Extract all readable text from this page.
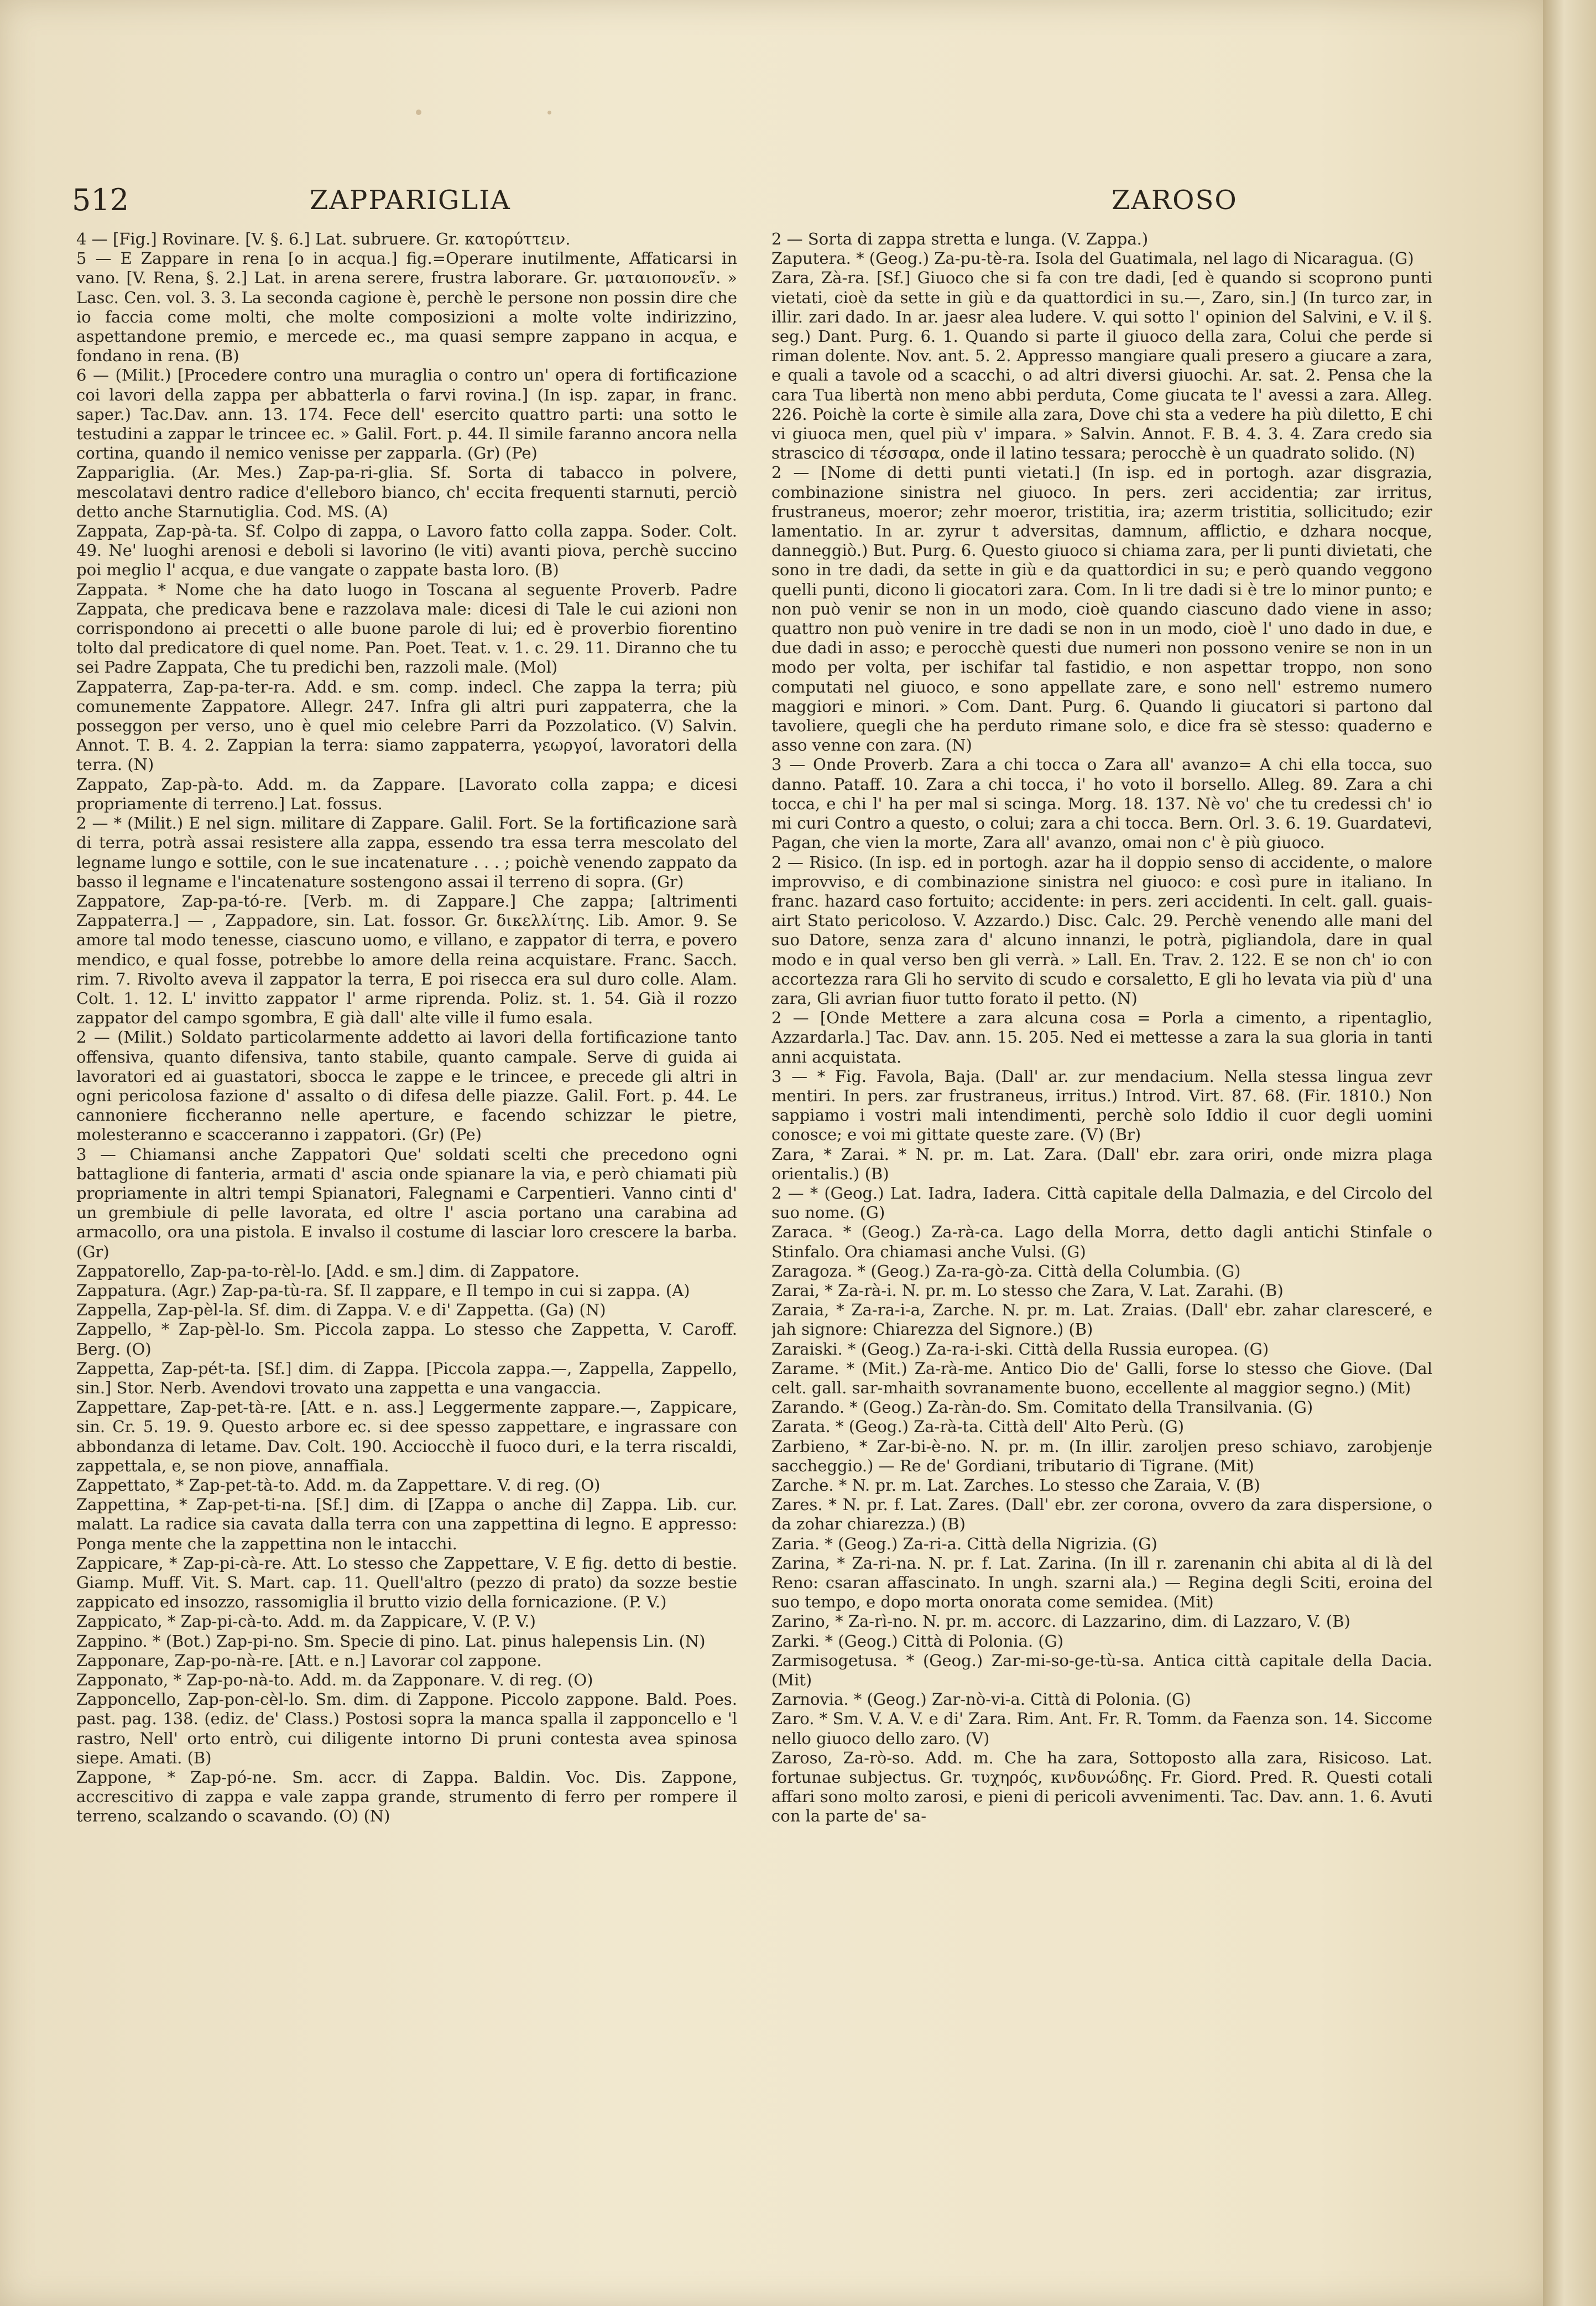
512	ZAPPARIGLIA	ZAROSO

4 — [Fig.] Rovinare. [V. §. 6.] Lat. subruere. Gr. κατορύττειν.

5 — E Zappare in rena [o in acqua.] fig.=Operare inutilmente, Affaticarsi in vano. [V. Rena, §. 2.] Lat. in arena serere, frustra laborare. Gr. ματαιοπονεῖν. » Lasc. Cen. vol. 3. 3. La seconda cagione è, perchè le persone non possin dire che io faccia come molti, che molte composizioni a molte volte indirizzino, aspettandone premio, e mercede ec., ma quasi sempre zappano in acqua, e fondano in rena. (B)

6 — (Milit.) [Procedere contro una muraglia o contro un' opera di fortificazione coi lavori della zappa per abbatterla o farvi rovina.] (In isp. zapar, in franc. saper.) Tac.Dav. ann. 13. 174. Fece dell' esercito quattro parti: una sotto le testudini a zappar le trincee ec. » Galil. Fort. p. 44. Il simile faranno ancora nella cortina, quando il nemico venisse per zapparla. (Gr) (Pe)

Zappariglia. (Ar. Mes.) Zap-pa-ri-glia. Sf. Sorta di tabacco in polvere, mescolatavi dentro radice d'elleboro bianco, ch' eccita frequenti starnuti, perciò detto anche Starnutiglia. Cod. MS. (A)

Zappata, Zap-pà-ta. Sf. Colpo di zappa, o Lavoro fatto colla zappa. Soder. Colt. 49. Ne' luoghi arenosi e deboli si lavorino (le viti) avanti piova, perchè succino poi meglio l' acqua, e due vangate o zappate basta loro. (B)

Zappata. * Nome che ha dato luogo in Toscana al seguente Proverb. Padre Zappata, che predicava bene e razzolava male: dicesi di Tale le cui azioni non corrispondono ai precetti o alle buone parole di lui; ed è proverbio fiorentino tolto dal predicatore di quel nome. Pan. Poet. Teat. v. 1. c. 29. 11. Diranno che tu sei Padre Zappata, Che tu predichi ben, razzoli male. (Mol)

Zappaterra, Zap-pa-ter-ra. Add. e sm. comp. indecl. Che zappa la terra; più comunemente Zappatore. Allegr. 247. Infra gli altri puri zappaterra, che la posseggon per verso, uno è quel mio celebre Parri da Pozzolatico. (V) Salvin. Annot. T. B. 4. 2. Zappian la terra: siamo zappaterra, γεωργοί, lavoratori della terra. (N)

Zappato, Zap-pà-to. Add. m. da Zappare. [Lavorato colla zappa; e dicesi propriamente di terreno.] Lat. fossus.

2 — * (Milit.) E nel sign. militare di Zappare. Galil. Fort. Se la fortificazione sarà di terra, potrà assai resistere alla zappa, essendo tra essa terra mescolato del legname lungo e sottile, con le sue incatenature . . . ; poichè venendo zappato da basso il legname e l'incatenature sostengono assai il terreno di sopra. (Gr)

Zappatore, Zap-pa-tó-re. [Verb. m. di Zappare.] Che zappa; [altrimenti Zappaterra.] — , Zappadore, sin. Lat. fossor. Gr. δικελλίτης. Lib. Amor. 9. Se amore tal modo tenesse, ciascuno uomo, e villano, e zappator di terra, e povero mendico, e qual fosse, potrebbe lo amore della reina acquistare. Franc. Sacch. rim. 7. Rivolto aveva il zappator la terra, E poi risecca era sul duro colle. Alam. Colt. 1. 12. L' invitto zappator l' arme riprenda. Poliz. st. 1. 54. Già il rozzo zappator del campo sgombra, E già dall' alte ville il fumo esala.

2 — (Milit.) Soldato particolarmente addetto ai lavori della fortificazione tanto offensiva, quanto difensiva, tanto stabile, quanto campale. Serve di guida ai lavoratori ed ai guastatori, sbocca le zappe e le trincee, e precede gli altri in ogni pericolosa fazione d' assalto o di difesa delle piazze. Galil. Fort. p. 44. Le cannoniere ficcheranno nelle aperture, e facendo schizzar le pietre, molesteranno e scacceranno i zappatori. (Gr) (Pe)

3 — Chiamansi anche Zappatori Que' soldati scelti che precedono ogni battaglione di fanteria, armati d' ascia onde spianare la via, e però chiamati più propriamente in altri tempi Spianatori, Falegnami e Carpentieri. Vanno cinti d' un grembiule di pelle lavorata, ed oltre l' ascia portano una carabina ad armacollo, ora una pistola. E invalso il costume di lasciar loro crescere la barba. (Gr)

Zappatorello, Zap-pa-to-rèl-lo. [Add. e sm.] dim. di Zappatore.

Zappatura. (Agr.) Zap-pa-tù-ra. Sf. Il zappare, e Il tempo in cui si zappa. (A)

Zappella, Zap-pèl-la. Sf. dim. di Zappa. V. e di' Zappetta. (Ga) (N)

Zappello, * Zap-pèl-lo. Sm. Piccola zappa. Lo stesso che Zappetta, V. Caroff. Berg. (O)

Zappetta, Zap-pét-ta. [Sf.] dim. di Zappa. [Piccola zappa.—, Zappella, Zappello, sin.] Stor. Nerb. Avendovi trovato una zappetta e una vangaccia.

Zappettare, Zap-pet-tà-re. [Att. e n. ass.] Leggermente zappare.—, Zappicare, sin. Cr. 5. 19. 9. Questo arbore ec. si dee spesso zappettare, e ingrassare con abbondanza di letame. Dav. Colt. 190. Acciocchè il fuoco duri, e la terra riscaldi, zappettala, e, se non piove, annaffiala.

Zappettato, * Zap-pet-tà-to. Add. m. da Zappettare. V. di reg. (O)

Zappettina, * Zap-pet-ti-na. [Sf.] dim. di [Zappa o anche di] Zappa. Lib. cur. malatt. La radice sia cavata dalla terra con una zappettina di legno. E appresso: Ponga mente che la zappettina non le intacchi.

Zappicare, * Zap-pi-cà-re. Att. Lo stesso che Zappettare, V. E fig. detto di bestie. Giamp. Muff. Vit. S. Mart. cap. 11. Quell'altro (pezzo di prato) da sozze bestie zappicato ed insozzo, rassomiglia il brutto vizio della fornicazione. (P. V.)

Zappicato, * Zap-pi-cà-to. Add. m. da Zappicare, V. (P. V.)

Zappino. * (Bot.) Zap-pi-no. Sm. Specie di pino. Lat. pinus halepensis Lin. (N)

Zapponare, Zap-po-nà-re. [Att. e n.] Lavorar col zappone.

Zapponato, * Zap-po-nà-to. Add. m. da Zapponare. V. di reg. (O)

Zapponcello, Zap-pon-cèl-lo. Sm. dim. di Zappone. Piccolo zappone. Bald. Poes. past. pag. 138. (ediz. de' Class.) Postosi sopra la manca spalla il zapponcello e 'l rastro, Nell' orto entrò, cui diligente intorno Di pruni contesta avea spinosa siepe. Amati. (B)

Zappone, * Zap-pó-ne. Sm. accr. di Zappa. Baldin. Voc. Dis. Zappone, accrescitivo di zappa e vale zappa grande, strumento di ferro per rompere il terreno, scalzando o scavando. (O) (N)

2 — Sorta di zappa stretta e lunga. (V. Zappa.)

Zaputera. * (Geog.) Za-pu-tè-ra. Isola del Guatimala, nel lago di Nicaragua. (G)

Zara, Zà-ra. [Sf.] Giuoco che si fa con tre dadi, [ed è quando si scoprono punti vietati, cioè da sette in giù e da quattordici in su.—, Zaro, sin.] (In turco zar, in illir. zari dado. In ar. jaesr alea ludere. V. qui sotto l' opinion del Salvini, e V. il §. seg.) Dant. Purg. 6. 1. Quando si parte il giuoco della zara, Colui che perde si riman dolente. Nov. ant. 5. 2. Appresso mangiare quali presero a giucare a zara, e quali a tavole od a scacchi, o ad altri diversi giuochi. Ar. sat. 2. Pensa che la cara Tua libertà non meno abbi perduta, Come giucata te l' avessi a zara. Alleg. 226. Poichè la corte è simile alla zara, Dove chi sta a vedere ha più diletto, E chi vi giuoca men, quel più v' impara. » Salvin. Annot. F. B. 4. 3. 4. Zara credo sia strascico di τέσσαρα, onde il latino tessara; perocchè è un quadrato solido. (N)

2 — [Nome di detti punti vietati.] (In isp. ed in portogh. azar disgrazia, combinazione sinistra nel giuoco. In pers. zeri accidentia; zar irritus, frustraneus, moeror; zehr moeror, tristitia, ira; azerm tristitia, sollicitudo; ezir lamentatio. In ar. zyrur t adversitas, damnum, afflictio, e dzhara nocque, danneggiò.) But. Purg. 6. Questo giuoco si chiama zara, per li punti divietati, che sono in tre dadi, da sette in giù e da quattordici in su; e però quando veggono quelli punti, dicono li giocatori zara. Com. In li tre dadi si è tre lo minor punto; e non può venir se non in un modo, cioè quando ciascuno dado viene in asso; quattro non può venire in tre dadi se non in un modo, cioè l' uno dado in due, e due dadi in asso; e perocchè questi due numeri non possono venire se non in un modo per volta, per ischifar tal fastidio, e non aspettar troppo, non sono computati nel giuoco, e sono appellate zare, e sono nell' estremo numero maggiori e minori. » Com. Dant. Purg. 6. Quando li giucatori si partono dal tavoliere, quegli che ha perduto rimane solo, e dice fra sè stesso: quaderno e asso venne con zara. (N)

3 — Onde Proverb. Zara a chi tocca o Zara all' avanzo= A chi ella tocca, suo danno. Pataff. 10. Zara a chi tocca, i' ho voto il borsello. Alleg. 89. Zara a chi tocca, e chi l' ha per mal si scinga. Morg. 18. 137. Nè vo' che tu credessi ch' io mi curi Contro a questo, o colui; zara a chi tocca. Bern. Orl. 3. 6. 19. Guardatevi, Pagan, che vien la morte, Zara all' avanzo, omai non c' è più giuoco.

2 — Risico. (In isp. ed in portogh. azar ha il doppio senso di accidente, o malore improvviso, e di combinazione sinistra nel giuoco: e così pure in italiano. In franc. hazard caso fortuito; accidente: in pers. zeri accidenti. In celt. gall. guais-airt Stato pericoloso. V. Azzardo.) Disc. Calc. 29. Perchè venendo alle mani del suo Datore, senza zara d' alcuno innanzi, le potrà, pigliandola, dare in qual modo e in qual verso ben gli verrà. » Lall. En. Trav. 2. 122. E se non ch' io con accortezza rara Gli ho servito di scudo e corsaletto, E gli ho levata via più d' una zara, Gli avrian fiuor tutto forato il petto. (N)

2 — [Onde Mettere a zara alcuna cosa = Porla a cimento, a ripentaglio, Azzardarla.] Tac. Dav. ann. 15. 205. Ned ei mettesse a zara la sua gloria in tanti anni acquistata.

3 — * Fig. Favola, Baja. (Dall' ar. zur mendacium. Nella stessa lingua zevr mentiri. In pers. zar frustraneus, irritus.) Introd. Virt. 87. 68. (Fir. 1810.) Non sappiamo i vostri mali intendimenti, perchè solo Iddio il cuor degli uomini conosce; e voi mi gittate queste zare. (V) (Br)

Zara, * Zarai. * N. pr. m. Lat. Zara. (Dall' ebr. zara oriri, onde mizra plaga orientalis.) (B)

2 — * (Geog.) Lat. Iadra, Iadera. Città capitale della Dalmazia, e del Circolo del suo nome. (G)

Zaraca. * (Geog.) Za-rà-ca. Lago della Morra, detto dagli antichi Stinfale o Stinfalo. Ora chiamasi anche Vulsi. (G)

Zaragoza. * (Geog.) Za-ra-gò-za. Città della Columbia. (G)

Zarai, * Za-rà-i. N. pr. m. Lo stesso che Zara, V. Lat. Zarahi. (B)

Zaraia, * Za-ra-i-a, Zarche. N. pr. m. Lat. Zraias. (Dall' ebr. zahar claresceré, e jah signore: Chiarezza del Signore.) (B)

Zaraiski. * (Geog.) Za-ra-i-ski. Città della Russia europea. (G)

Zarame. * (Mit.) Za-rà-me. Antico Dio de' Galli, forse lo stesso che Giove. (Dal celt. gall. sar-mhaith sovranamente buono, eccellente al maggior segno.) (Mit)

Zarando. * (Geog.) Za-ràn-do. Sm. Comitato della Transilvania. (G)

Zarata. * (Geog.) Za-rà-ta. Città dell' Alto Perù. (G)

Zarbieno, * Zar-bi-è-no. N. pr. m. (In illir. zaroljen preso schiavo, zarobjenje saccheggio.) — Re de' Gordiani, tributario di Tigrane. (Mit)

Zarche. * N. pr. m. Lat. Zarches. Lo stesso che Zaraia, V. (B)

Zares. * N. pr. f. Lat. Zares. (Dall' ebr. zer corona, ovvero da zara dispersione, o da zohar chiarezza.) (B)

Zaria. * (Geog.) Za-ri-a. Città della Nigrizia. (G)

Zarina, * Za-ri-na. N. pr. f. Lat. Zarina. (In ill r. zarenanin chi abita al di là del Reno: csaran affascinato. In ungh. szarni ala.) — Regina degli Sciti, eroina del suo tempo, e dopo morta onorata come semidea. (Mit)

Zarino, * Za-rì-no. N. pr. m. accorc. di Lazzarino, dim. di Lazzaro, V. (B)

Zarki. * (Geog.) Città di Polonia. (G)

Zarmisogetusa. * (Geog.) Zar-mi-so-ge-tù-sa. Antica città capitale della Dacia. (Mit)

Zarnovia. * (Geog.) Zar-nò-vi-a. Città di Polonia. (G)

Zaro. * Sm. V. A. V. e di' Zara. Rim. Ant. Fr. R. Tomm. da Faenza son. 14. Siccome nello giuoco dello zaro. (V)

Zaroso, Za-rò-so. Add. m. Che ha zara, Sottoposto alla zara, Risicoso. Lat. fortunae subjectus. Gr. τυχηρός, κινδυνώδης. Fr. Giord. Pred. R. Questi cotali affari sono molto zarosi, e pieni di pericoli avvenimenti. Tac. Dav. ann. 1. 6. Avuti con la parte de' sa-
